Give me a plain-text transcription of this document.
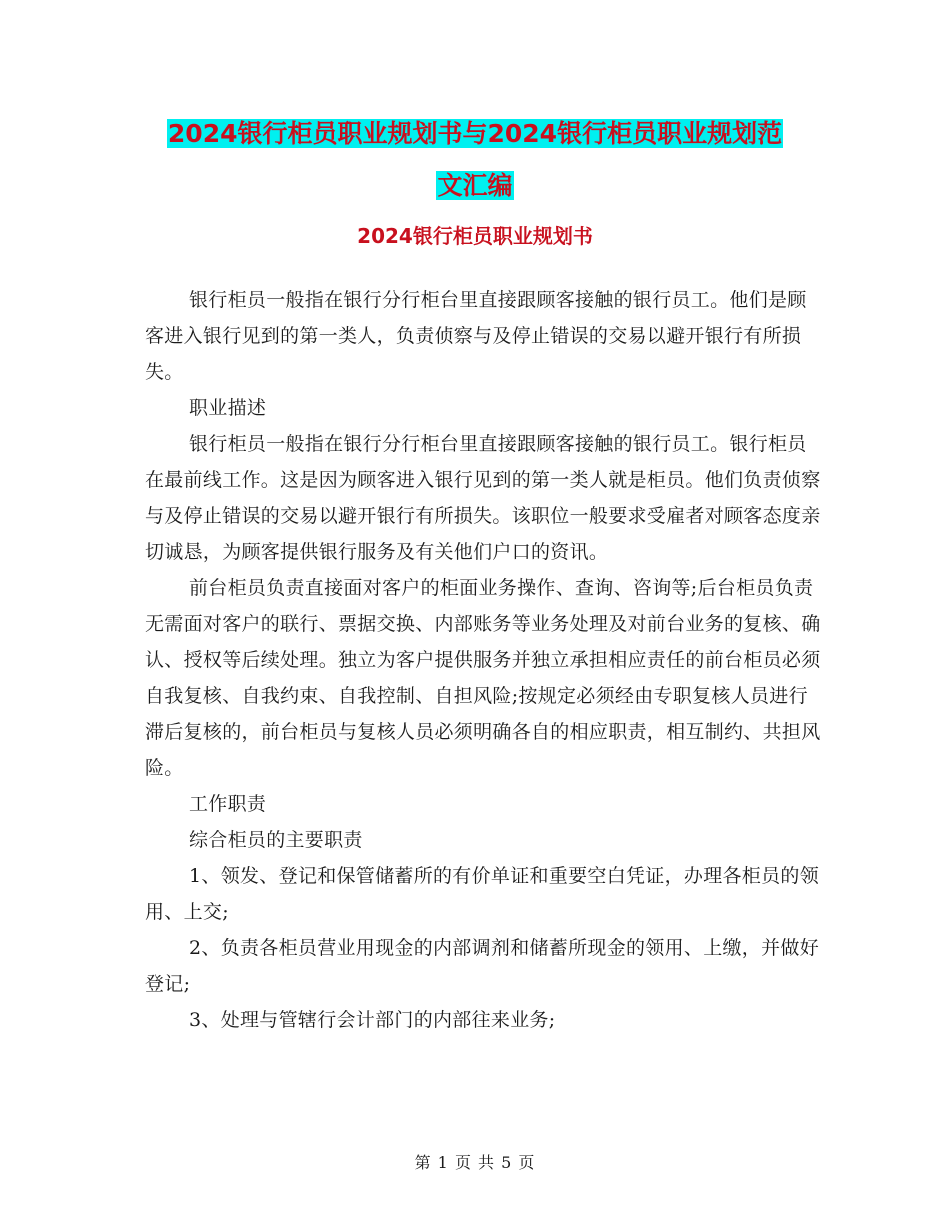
2024银行柜员职业规划书与2024银行柜员职业规划范
文汇编
2024银行柜员职业规划书

银行柜员一般指在银行分行柜台里直接跟顾客接触的银行员工。他们是顾客进入银行见到的第一类人，负责侦察与及停止错误的交易以避开银行有所损失。

职业描述

银行柜员一般指在银行分行柜台里直接跟顾客接触的银行员工。银行柜员在最前线工作。这是因为顾客进入银行见到的第一类人就是柜员。他们负责侦察与及停止错误的交易以避开银行有所损失。该职位一般要求受雇者对顾客态度亲切诚恳，为顾客提供银行服务及有关他们户口的资讯。

前台柜员负责直接面对客户的柜面业务操作、查询、咨询等;后台柜员负责无需面对客户的联行、票据交换、内部账务等业务处理及对前台业务的复核、确认、授权等后续处理。独立为客户提供服务并独立承担相应责任的前台柜员必须自我复核、自我约束、自我控制、自担风险;按规定必须经由专职复核人员进行滞后复核的，前台柜员与复核人员必须明确各自的相应职责，相互制约、共担风险。

工作职责

综合柜员的主要职责

1、领发、登记和保管储蓄所的有价单证和重要空白凭证，办理各柜员的领用、上交;

2、负责各柜员营业用现金的内部调剂和储蓄所现金的领用、上缴，并做好登记;

3、处理与管辖行会计部门的内部往来业务;

第 1 页 共 5 页
